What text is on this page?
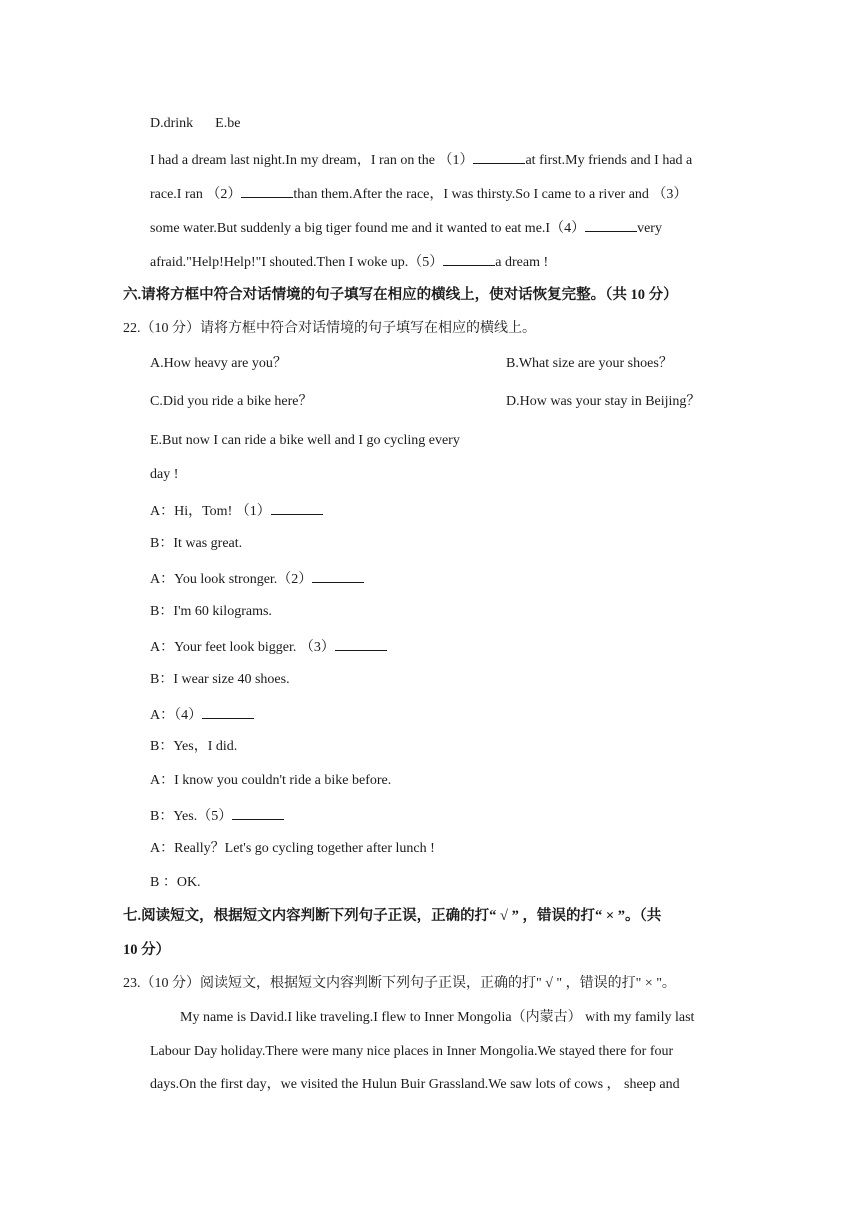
D.drink E.be
I had a dream last night.In my dream，I ran on the （1）	at first.My friends and I had a
race.I ran （2）	than them.After the race，I was thirsty.So I came to a river and （3）
some water.But suddenly a big tiger found me and it wanted to eat me.I（4）	very
afraid."Help!Help!"I shouted.Then I woke up.（5）	a dream !
六.请将方框中符合对话情境的句子填写在相应的横线上，使对话恢复完整。（共 10 分）
22.（10 分）请将方框中符合对话情境的句子填写在相应的横线上。
A.How heavy are you？	B.What size are your shoes？
C.Did you ride a bike here？	D.How was your stay in Beijing？
E.But now I can ride a bike well and I go cycling every
day !
A：Hi，Tom! （1）
B：It was great.
A：You look stronger.（2）
B：I'm 60 kilograms.
A：Your feet look bigger. （3）
B：I wear size 40 shoes.
A：（4）
B：Yes，I did.
A：I know you couldn't ride a bike before.
B：Yes.（5）
A：Really？Let's go cycling together after lunch !
B ：OK.
七.阅读短文，根据短文内容判断下列句子正误，正确的打“ √ ” ，错误的打“ × ”。（共
10 分）
23.（10 分）阅读短文，根据短文内容判断下列句子正误，正确的打" √ " ，错误的打" × "。
My name is David.I like traveling.I flew to Inner Mongolia（内蒙古） with my family last
Labour Day holiday.There were many nice places in Inner Mongolia.We stayed there for four
days.On the first day，we visited the Hulun Buir Grassland.We saw lots of cows ， sheep and
